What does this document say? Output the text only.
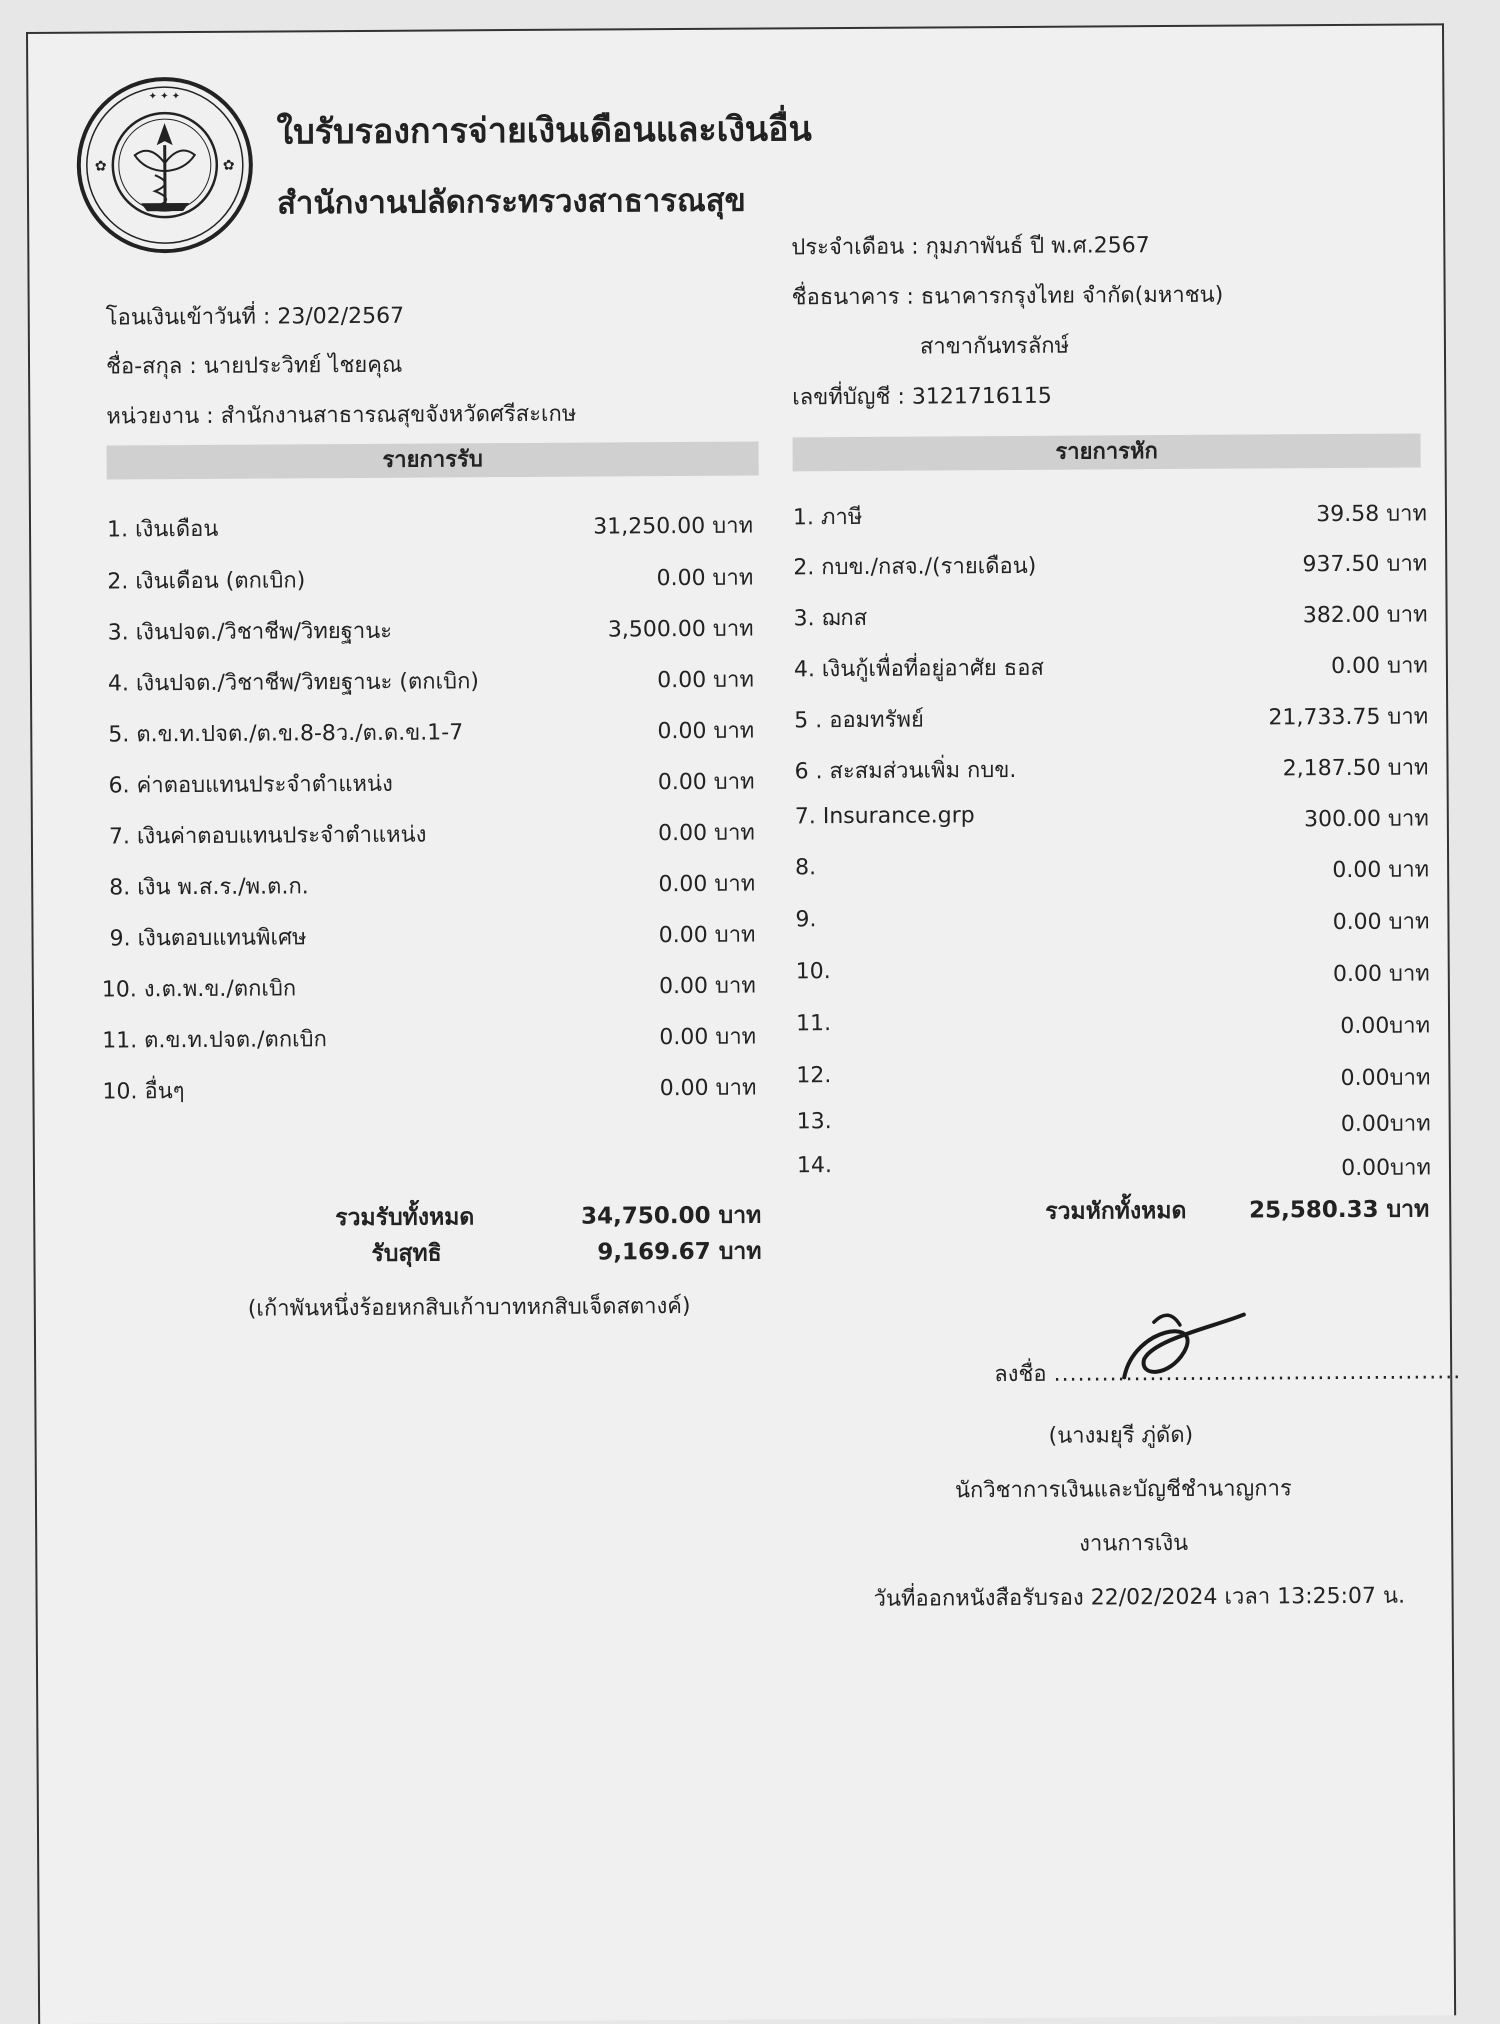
✦ ✦ ✦
✿	✿
ใบรับรองการจ่ายเงินเดือนและเงินอื่น
สำนักงานปลัดกระทรวงสาธารณสุข
โอนเงินเข้าวันที่ : 23/02/2567
ชื่อ-สกุล : นายประวิทย์ ไชยคุณ
หน่วยงาน : สำนักงานสาธารณสุขจังหวัดศรีสะเกษ
ประจำเดือน : กุมภาพันธ์ ปี พ.ศ.2567
ชื่อธนาคาร : ธนาคารกรุงไทย จำกัด(มหาชน)
สาขากันทรลักษ์
เลขที่บัญชี : 3121716115
รายการรับ	รายการหัก
1. เงินเดือน	31,250.00 บาท
2. เงินเดือน (ตกเบิก)	0.00 บาท
3. เงินปจต./วิชาชีพ/วิทยฐานะ	3,500.00 บาท
4. เงินปจต./วิชาชีพ/วิทยฐานะ (ตกเบิก)	0.00 บาท
5. ต.ข.ท.ปจต./ต.ข.8-8ว./ต.ด.ข.1-7	0.00 บาท
6. ค่าตอบแทนประจำตำแหน่ง	0.00 บาท
7. เงินค่าตอบแทนประจำตำแหน่ง	0.00 บาท
8. เงิน พ.ส.ร./พ.ต.ก.	0.00 บาท
9. เงินตอบแทนพิเศษ	0.00 บาท
10. ง.ต.พ.ข./ตกเบิก	0.00 บาท
11. ต.ข.ท.ปจต./ตกเบิก	0.00 บาท
10. อื่นๆ	0.00 บาท
1. ภาษี	39.58 บาท
2. กบข./กสจ./(รายเดือน)	937.50 บาท
3. ฌกส	382.00 บาท
4. เงินกู้เพื่อที่อยู่อาศัย ธอส	0.00 บาท
5 . ออมทรัพย์	21,733.75 บาท
6 . สะสมส่วนเพิ่ม กบข.	2,187.50 บาท
7. Insurance.grp	300.00 บาท
8.	0.00 บาท
9.	0.00 บาท
10.	0.00 บาท
11.	0.00บาท
12.	0.00บาท
13.	0.00บาท
14.	0.00บาท
รวมรับทั้งหมด	34,750.00 บาท
รับสุทธิ	9,169.67 บาท
(เก้าพันหนึ่งร้อยหกสิบเก้าบาทหกสิบเจ็ดสตางค์)
รวมหักทั้งหมด	25,580.33 บาท
ลงชื่อ ...................................................
(นางมยุรี ภู่ดัด)
นักวิชาการเงินและบัญชีชำนาญการ
งานการเงิน
วันที่ออกหนังสือรับรอง 22/02/2024 เวลา 13:25:07 น.
